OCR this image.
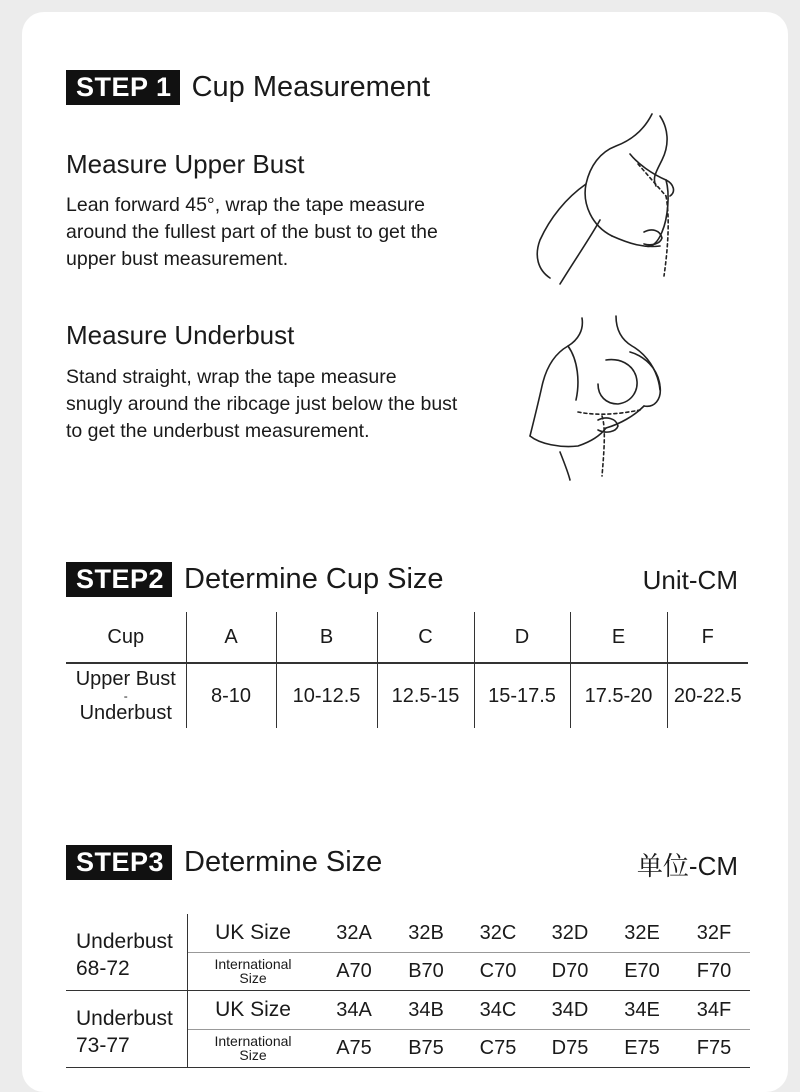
STEP 1 Cup Measurement
Measure Upper Bust
Lean forward 45°, wrap the tape measure
around the fullest part of the bust to get the
upper bust measurement.
Measure Underbust
Stand straight, wrap the tape measure
snugly around the ribcage just below the bust
to get the underbust measurement.
STEP2 Determine Cup Size	Unit-CM
Cup	A	B	C	D	E	F
Upper Bust
-
Underbust	8-10	10-12.5	12.5-15	15-17.5	17.5-20	20-22.5
STEP3 Determine Size	单位-CM
Underbust
68-72
UK Size	32A	32B	32C	32D	32E	32F
International
Size	A70	B70	C70	D70	E70	F70
Underbust
73-77
UK Size	34A	34B	34C	34D	34E	34F
International
Size	A75	B75	C75	D75	E75	F75
